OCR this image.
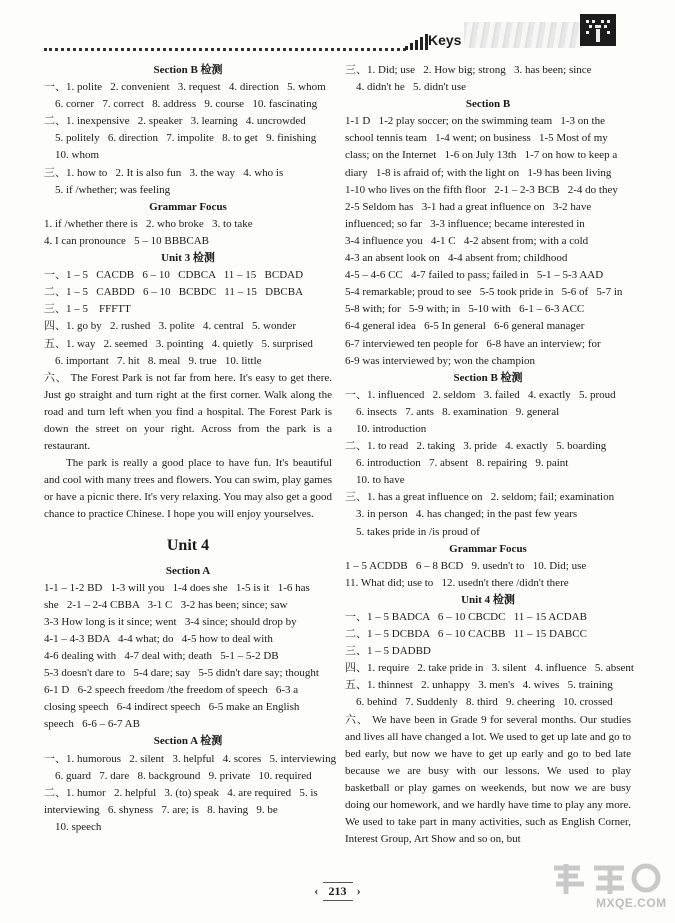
Keys
Section B 检测
一、1. polite   2. convenient   3. request   4. direction   5. whom
6. corner   7. correct   8. address   9. course   10. fascinating
二、1. inexpensive   2. speaker   3. learning   4. uncrowded
5. politely   6. direction   7. impolite   8. to get   9. finishing
10. whom
三、1. how to   2. It is also fun   3. the way   4. who is
5. if /whether; was feeling
Grammar Focus
1. if /whether there is   2. who broke   3. to take
4. I can pronounce   5 – 10 BBBCAB
Unit 3 检测
一、1 – 5   CACDB   6 – 10   CDBCA   11 – 15   BCDAD
二、1 – 5   CABDD   6 – 10   BCBDC   11 – 15   DBCBA
三、1 – 5    FFFTT
四、1. go by   2. rushed   3. polite   4. central   5. wonder
五、1. way   2. seemed   3. pointing   4. quietly   5. surprised
6. important   7. hit   8. meal   9. true   10. little
六、 The Forest Park is not far from here. It's easy to get there. Just go straight and turn right at the first corner. Walk along the road and turn left when you find a hospital. The Forest Park is down the street on your right. Across from the park is a restaurant.
The park is really a good place to have fun. It's beautiful and cool with many trees and flowers. You can swim, play games or have a picnic there. It's very relaxing. You may also get a good chance to practice Chinese. I hope you will enjoy yourselves.
Unit 4
Section A
1-1 – 1-2 BD   1-3 will you   1-4 does she   1-5 is it   1-6 has
she   2-1 – 2-4 CBBA   3-1 C   3-2 has been; since; saw
3-3 How long is it since; went   3-4 since; should drop by
4-1 – 4-3 BDA   4-4 what; do   4-5 how to deal with
4-6 dealing with   4-7 deal with; death   5-1 – 5-2 DB
5-3 doesn't dare to   5-4 dare; say   5-5 didn't dare say; thought
6-1 D   6-2 speech freedom /the freedom of speech   6-3 a
closing speech   6-4 indirect speech   6-5 make an English
speech   6-6 – 6-7 AB
Section A 检测
一、1. humorous   2. silent   3. helpful   4. scores   5. interviewing
6. guard   7. dare   8. background   9. private   10. required
二、1. humor   2. helpful   3. (to) speak   4. are required   5. is
interviewing   6. shyness   7. are; is   8. having   9. be
10. speech
三、1. Did; use   2. How big; strong   3. has been; since
4. didn't he   5. didn't use
Section B
1-1 D   1-2 play soccer; on the swimming team   1-3 on the
school tennis team   1-4 went; on business   1-5 Most of my
class; on the Internet   1-6 on July 13th   1-7 on how to keep a
diary   1-8 is afraid of; with the light on   1-9 has been living
1-10 who lives on the fifth floor   2-1 – 2-3 BCB   2-4 do they
2-5 Seldom has   3-1 had a great influence on   3-2 have
influenced; so far   3-3 influence; became interested in
3-4 influence you   4-1 C   4-2 absent from; with a cold
4-3 an absent look on   4-4 absent from; childhood
4-5 – 4-6 CC   4-7 failed to pass; failed in   5-1 – 5-3 AAD
5-4 remarkable; proud to see   5-5 took pride in   5-6 of   5-7 in
5-8 with; for   5-9 with; in   5-10 with   6-1 – 6-3 ACC
6-4 general idea   6-5 In general   6-6 general manager
6-7 interviewed ten people for   6-8 have an interview; for
6-9 was interviewed by; won the champion
Section B 检测
一、1. influenced   2. seldom   3. failed   4. exactly   5. proud
6. insects   7. ants   8. examination   9. general
10. introduction
二、1. to read   2. taking   3. pride   4. exactly   5. boarding
6. introduction   7. absent   8. repairing   9. paint
10. to have
三、1. has a great influence on   2. seldom; fail; examination
3. in person   4. has changed; in the past few years
5. takes pride in /is proud of
Grammar Focus
1 – 5 ACDDB   6 – 8 BCD   9. usedn't to   10. Did; use
11. What did; use to   12. usedn't there /didn't there
Unit 4 检测
一、1 – 5 BADCA   6 – 10 CBCDC   11 – 15 ACDAB
二、1 – 5 DCBDA   6 – 10 CACBB   11 – 15 DABCC
三、1 – 5 DADBD
四、1. require   2. take pride in   3. silent   4. influence   5. absent
五、1. thinnest   2. unhappy   3. men's   4. wives   5. training
6. behind   7. Suddenly   8. third   9. cheering   10. crossed
六、 We have been in Grade 9 for several months. Our studies and lives all have changed a lot. We used to get up late and go to bed early, but now we have to get up early and go to bed late because we are busy with our lessons. We used to play basketball or play games on weekends, but now we are busy doing our homework, and we hardly have time to play any more. We used to take part in many activities, such as English Corner, Interest Group, Art Show and so on, but
‹ 213 ›
MXQE.COM
